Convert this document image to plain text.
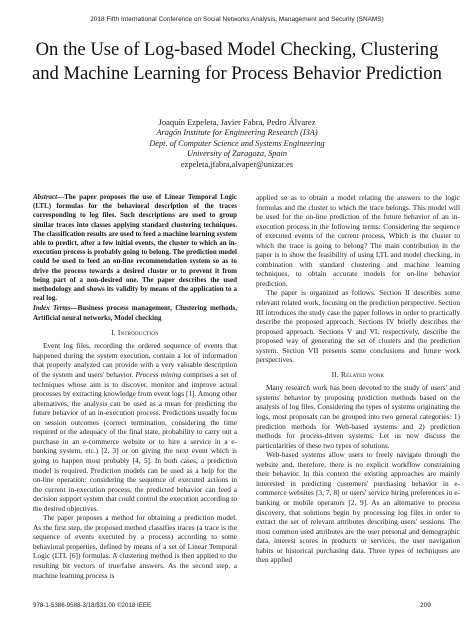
2018 Fifth International Conference on Social Networks Analysis, Management and Security (SNAMS)
On the Use of Log-based Model Checking, Clustering and Machine Learning for Process Behavior Prediction
Joaquín Ezpeleta, Javier Fabra, Pedro Álvarez
Aragón Institute for Engineering Research (I3A)
Dept. of Computer Science and Systems Engineering
University of Zaragoza, Spain
ezpeleta,jfabra,alvaper@unizar.es
Abstract—The paper proposes the use of Linear Temporal Logic (LTL) formulas for the behavioral description of the traces corresponding to log files. Such descriptions are used to group similar traces into classes applying standard clustering techniques. The classification results are used to feed a machine learning system able to predict, after a few initial events, the cluster to which an in-execution process is probably going to belong. The prediction model could be used to feed an on-line recommendation system so as to drive the process towards a desired cluster or to prevent it from being part of a non-desired one. The paper describes the used methodology and shows its validity by means of the application to a real log.
Index Terms—Business process management, Clustering methods, Artificial neural networks, Model checking
I. Introduction

Event log files, recording the ordered sequence of events that happened during the system execution, contain a lot of information that properly analyzed can provide with a very valuable description of the system and users' behavior. Process mining comprises a set of techniques whose aim is to discover, monitor and improve actual processes by extracting knowledge from event logs [1]. Among other alternatives, the analysis can be used as a mean for predicting the future behavior of an in-execution process. Predictions usually focus on session outcomes (correct termination, considering the time required or the adequacy of the final state, probability to carry out a purchase in an e-commerce website or to hire a service in a e-banking system, etc.) [2, 3] or on giving the next event which is going to happen most probably [4, 5]. In both cases, a prediction model is required. Prediction models can be used as a help for the on-line operation: considering the sequence of executed actions in the current in-execution process, the predicted behavior can feed a decision support system that could control the execution according to the desired objectives.

The paper proposes a method for obtaining a prediction model. As the first step, the proposed method classifies traces (a trace is the sequence of events executed by a process) according to some behavioral properties, defined by means of a set of Linear Temporal Logic (LTL [6]) formulas. A clustering method is then applied to the resulting bit vectors of true/false answers. As the second step, a machine learning process is

applied so as to obtain a model relating the answers to the logic formulas and the cluster to which the trace belongs. This model will be used for the on-line prediction of the future behavior of an in-execution process in the following terms: Considering the sequence of executed events of the current process, Which is the cluster to which the trace is going to belong? The main contribution in the paper is to show the feasibility of using LTL and model checking, in combination with standard clustering and machine learning techniques, to obtain accurate models for on-line behavior prediction.

The paper is organized as follows. Section II describes some relevant related work, focusing on the prediction perspective. Section III introduces the study case the paper follows in order to practically describe the proposed approach. Sections IV briefly describes the proposed approach. Sections V and VI, respectively, describe the proposed way of generating the set of clusters and the prediction system. Section VII presents some conclusions and future work perspectives.

II. Related work

Many research work has been devoted to the study of users' and systems' behavior by proposing prediction methods based on the analysis of log files. Considering the types of systems originating the logs, most proposals can be grouped into two general categories: 1) prediction methods for Web-based systems and 2) prediction methods for process-driven systems. Let us now discuss the particularities of these two types of solutions.

Web-based systems allow users to freely navigate through the website and, therefore, there is no explicit workflow constraining their behavior. In this context the existing approaches are mainly interested in predicting customers' purchasing behavior in e-commerce websites [3, 7, 8] or users' service hiring preferences in e-banking or mobile operators [2, 9]. As an alternative to process discovery, that solutions begin by processing log files in order to extract the set of relevant attributes describing users' sessions. The most common used attributes are the user personal and demographic data, interest scores in products or services, the user navigation habits or historical purchasing data. Three types of techniques are then applied

978-1-5386-9588-3/18/$31.00 ©2018 IEEE	209
